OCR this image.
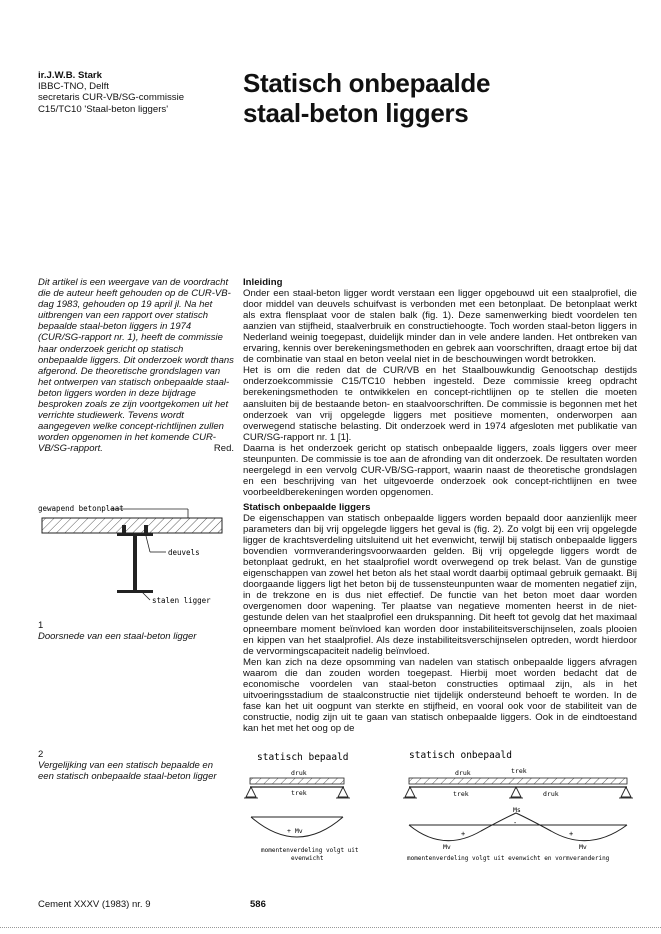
ir.J.W.B. Stark
IBBC-TNO, Delft
secretaris CUR-VB/SG-commissie
C15/TC10 'Staal-beton liggers'
Statisch onbepaalde
staal-beton liggers
Dit artikel is een weergave van de voordracht die de auteur heeft gehouden op de CUR-VB-dag 1983, gehouden op 19 april jl. Na het uitbrengen van een rapport over statisch bepaalde staal-beton liggers in 1974 (CUR/SG-rapport nr. 1), heeft de commissie haar onderzoek gericht op statisch onbepaalde liggers. Dit onderzoek wordt thans afgerond. De theoretische grondslagen van het ontwerpen van statisch onbepaalde staal-beton liggers worden in deze bijdrage besproken zoals ze zijn voortgekomen uit het verrichte studiewerk. Tevens wordt aangegeven welke concept-richtlijnen zullen worden opgenomen in het komende CUR-VB/SG-rapport.	Red.
Inleiding

Onder een staal-beton ligger wordt verstaan een ligger opgebouwd uit een staalprofiel, die door middel van deuvels schuifvast is verbonden met een betonplaat. De betonplaat werkt als extra flensplaat voor de stalen balk (fig. 1). Deze samenwerking biedt voordelen ten aanzien van stijfheid, staalverbruik en constructiehoogte. Toch worden staal-beton liggers in Nederland weinig toegepast, duidelijk minder dan in vele andere landen. Het ontbreken van ervaring, kennis over berekeningsmethoden en gebrek aan voorschriften, draagt ertoe bij dat de combinatie van staal en beton veelal niet in de beschouwingen wordt betrokken.

Het is om die reden dat de CUR/VB en het Staalbouwkundig Genootschap destijds onderzoekcommissie C15/TC10 hebben ingesteld. Deze commissie kreeg opdracht berekeningsmethoden te ontwikkelen en concept-richtlijnen op te stellen die moeten aansluiten bij de bestaande beton- en staalvoorschriften. De commissie is begonnen met het onderzoek van vrij opgelegde liggers met positieve momenten, onderworpen aan overwegend statische belasting. Dit onderzoek werd in 1974 afgesloten met publikatie van CUR/SG-rapport nr. 1 [1].

Daarna is het onderzoek gericht op statisch onbepaalde liggers, zoals liggers over meer steunpunten. De commissie is toe aan de afronding van dit onderzoek. De resultaten worden neergelegd in een vervolg CUR-VB/SG-rapport, waarin naast de theoretische grondslagen en een beschrijving van het uitgevoerde onderzoek ook concept-richtlijnen en twee voorbeeldberekeningen worden opgenomen.

Statisch onbepaalde liggers

De eigenschappen van statisch onbepaalde liggers worden bepaald door aanzienlijk meer parameters dan bij vrij opgelegde liggers het geval is (fig. 2). Zo volgt bij een vrij opgelegde ligger de krachtsverdeling uitsluitend uit het evenwicht, terwijl bij statisch onbepaalde liggers bovendien vormveranderingsvoorwaarden gelden. Bij vrij opgelegde liggers wordt de betonplaat gedrukt, en het staalprofiel wordt overwegend op trek belast. Van de gunstige eigenschappen van zowel het beton als het staal wordt daarbij optimaal gebruik gemaakt. Bij doorgaande liggers ligt het beton bij de tussensteunpunten waar de momenten negatief zijn, in de trekzone en is dus niet effectief. De functie van het beton moet daar worden overgenomen door wapening. Ter plaatse van negatieve momenten heerst in de niet-gestunde delen van het staalprofiel een drukspanning. Dit heeft tot gevolg dat het maximaal opneembare moment beïnvloed kan worden door instabiliteitsverschijnselen, zoals plooien en kippen van het staalprofiel. Als deze instabiliteitsverschijnselen optreden, wordt hierdoor de vervormingscapaciteit nadelig beïnvloed.

Men kan zich na deze opsomming van nadelen van statisch onbepaalde liggers afvragen waarom die dan zouden worden toegepast. Hierbij moet worden bedacht dat de economische voordelen van staal-beton constructies optimaal zijn, als in het uitvoeringsstadium de staalconstructie niet tijdelijk ondersteund behoeft te worden. In de fase kan het uit oogpunt van sterkte en stijfheid, en vooral ook voor de stabiliteit van de constructie, nodig zijn uit te gaan van statisch onbepaalde liggers. Ook in de eindtoestand kan het met het oog op de

gewapend betonplaat
deuvels
stalen ligger
1
Doorsnede van een staal-beton ligger
2
Vergelijking van een statisch bepaalde en een statisch onbepaalde staal-beton ligger
statisch bepaald
druk
trek
+ Mv
momentenverdeling volgt uit
evenwicht
statisch onbepaald
druk	trek
trek	druk
Ms
+
-
+
Mv	Mv
momentenverdeling volgt uit evenwicht en vormverandering
Cement XXXV (1983) nr. 9	586
